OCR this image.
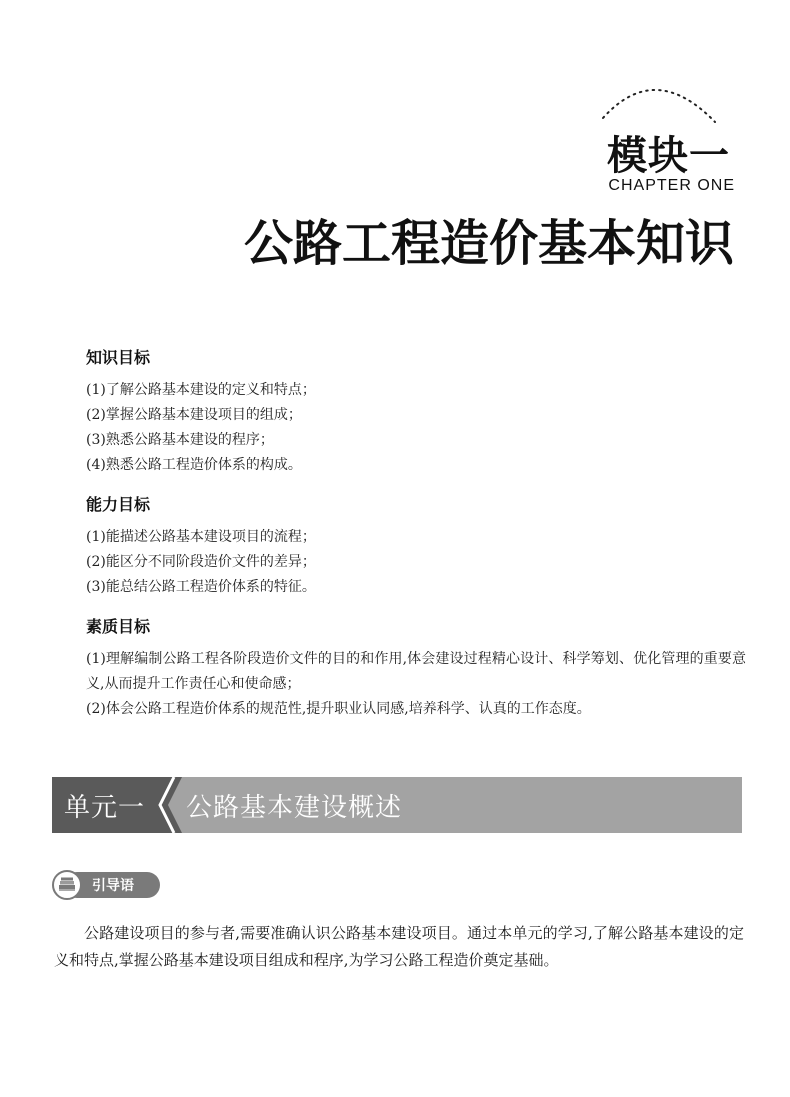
模块一
CHAPTER ONE
公路工程造价基本知识
知识目标

(1)了解公路基本建设的定义和特点；

(2)掌握公路基本建设项目的组成；

(3)熟悉公路基本建设的程序；

(4)熟悉公路工程造价体系的构成。

能力目标

(1)能描述公路基本建设项目的流程；

(2)能区分不同阶段造价文件的差异；

(3)能总结公路工程造价体系的特征。

素质目标

(1)理解编制公路工程各阶段造价文件的目的和作用,体会建设过程精心设计、科学筹划、优化管理的重要意义,从而提升工作责任心和使命感；

(2)体会公路工程造价体系的规范性,提升职业认同感,培养科学、认真的工作态度。

单元一 公路基本建设概述
引导语

公路建设项目的参与者,需要准确认识公路基本建设项目。通过本单元的学习,了解公路基本建设的定义和特点,掌握公路基本建设项目组成和程序,为学习公路工程造价奠定基础。
